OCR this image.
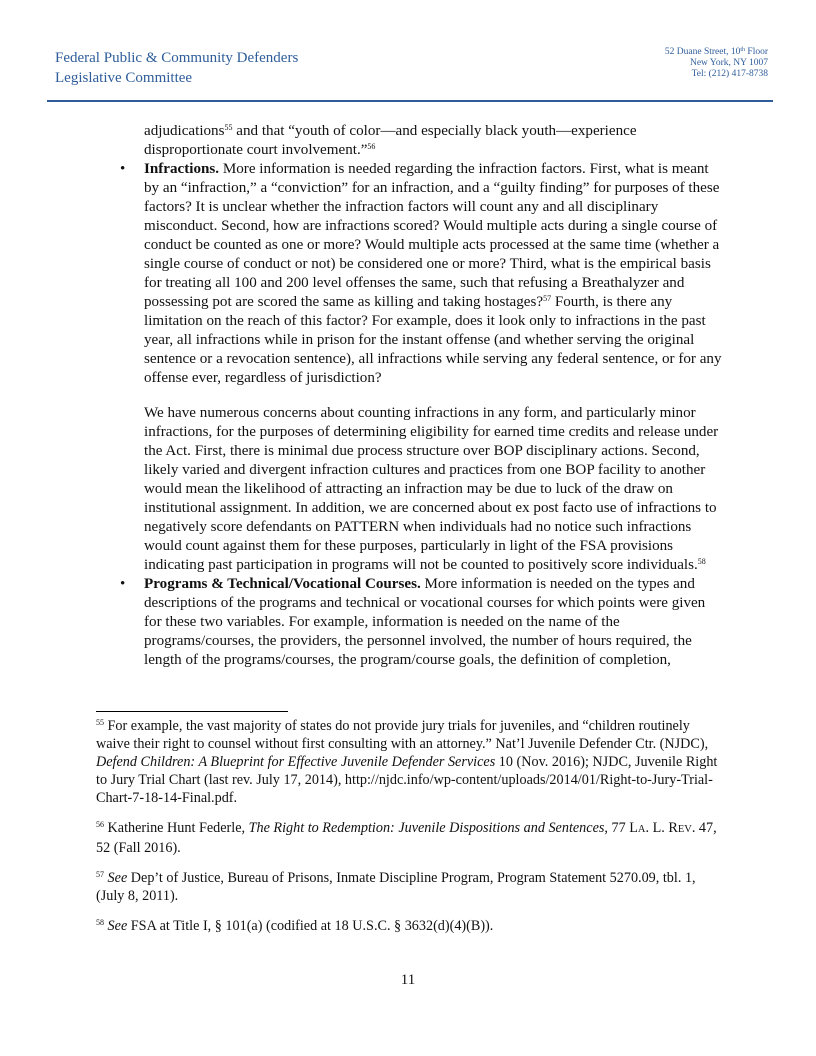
Federal Public & Community Defenders
Legislative Committee
52 Duane Street, 10th Floor
New York, NY 1007
Tel: (212) 417-8738

adjudications$^{55}$ and that “youth of color—and especially black youth—experience disproportionate court involvement.”$^{56}$

• Infractions. More information is needed regarding the infraction factors. First, what is meant by an “infraction,” a “conviction” for an infraction, and a “guilty finding” for purposes of these factors? It is unclear whether the infraction factors will count any and all disciplinary misconduct. Second, how are infractions scored? Would multiple acts during a single course of conduct be counted as one or more? Would multiple acts processed at the same time (whether a single course of conduct or not) be considered one or more? Third, what is the empirical basis for treating all 100 and 200 level offenses the same, such that refusing a Breathalyzer and possessing pot are scored the same as killing and taking hostages?$^{57}$ Fourth, is there any limitation on the reach of this factor? For example, does it look only to infractions in the past year, all infractions while in prison for the instant offense (and whether serving the original sentence or a revocation sentence), all infractions while serving any federal sentence, or for any offense ever, regardless of jurisdiction?

We have numerous concerns about counting infractions in any form, and particularly minor infractions, for the purposes of determining eligibility for earned time credits and release under the Act. First, there is minimal due process structure over BOP disciplinary actions. Second, likely varied and divergent infraction cultures and practices from one BOP facility to another would mean the likelihood of attracting an infraction may be due to luck of the draw on institutional assignment. In addition, we are concerned about ex post facto use of infractions to negatively score defendants on PATTERN when individuals had no notice such infractions would count against them for these purposes, particularly in light of the FSA provisions indicating past participation in programs will not be counted to positively score individuals.$^{58}$

• Programs & Technical/Vocational Courses. More information is needed on the types and descriptions of the programs and technical or vocational courses for which points were given for these two variables. For example, information is needed on the name of the programs/courses, the providers, the personnel involved, the number of hours required, the length of the programs/courses, the program/course goals, the definition of completion,

$^{55}$ For example, the vast majority of states do not provide jury trials for juveniles, and “children routinely waive their right to counsel without first consulting with an attorney.” Nat’l Juvenile Defender Ctr. (NJDC), Defend Children: A Blueprint for Effective Juvenile Defender Services 10 (Nov. 2016); NJDC, Juvenile Right to Jury Trial Chart (last rev. July 17, 2014), http://njdc.info/wp-content/uploads/2014/01/Right-to-Jury-Trial-Chart-7-18-14-Final.pdf.

$^{56}$ Katherine Hunt Federle, The Right to Redemption: Juvenile Dispositions and Sentences, 77 LA. L. REV. 47, 52 (Fall 2016).

$^{57}$ See Dep’t of Justice, Bureau of Prisons, Inmate Discipline Program, Program Statement 5270.09, tbl. 1, (July 8, 2011).

$^{58}$ See FSA at Title I, § 101(a) (codified at 18 U.S.C. § 3632(d)(4)(B)).

11
